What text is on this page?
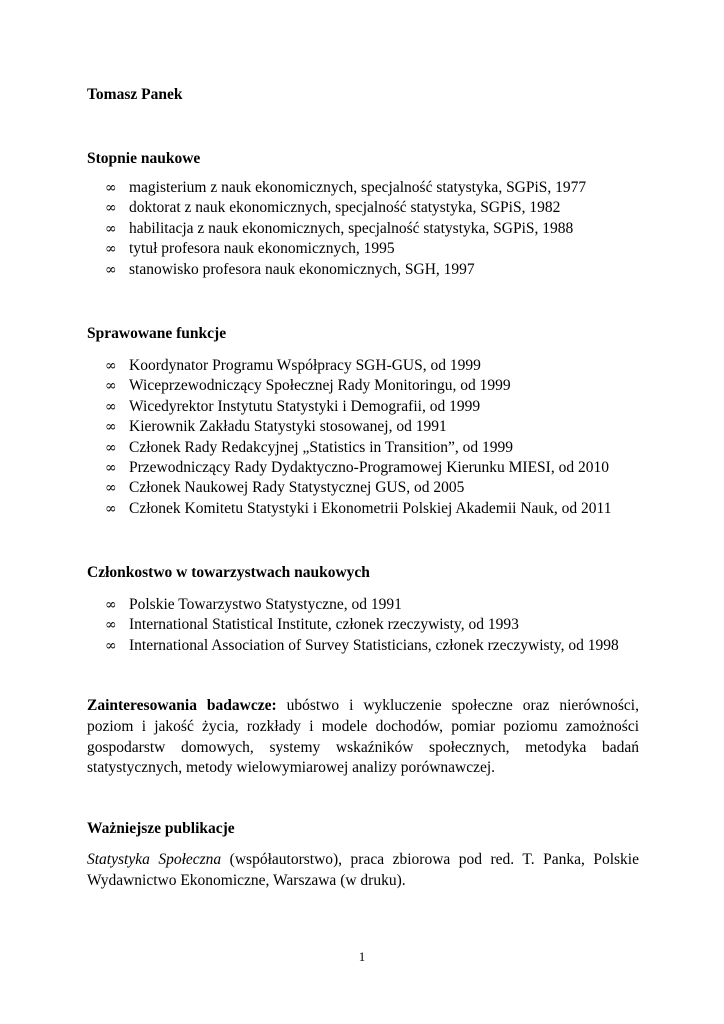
Tomasz Panek
Stopnie naukowe
∞ magisterium z nauk ekonomicznych, specjalność statystyka, SGPiS, 1977
∞ doktorat z nauk ekonomicznych, specjalność statystyka, SGPiS, 1982
∞ habilitacja z nauk ekonomicznych, specjalność statystyka, SGPiS, 1988
∞ tytuł profesora nauk ekonomicznych, 1995
∞ stanowisko profesora nauk ekonomicznych, SGH, 1997
Sprawowane funkcje
∞ Koordynator Programu Współpracy SGH-GUS, od 1999
∞ Wiceprzewodniczący Społecznej Rady Monitoringu, od 1999
∞ Wicedyrektor Instytutu Statystyki i Demografii, od 1999
∞ Kierownik Zakładu Statystyki stosowanej, od 1991
∞ Członek Rady Redakcyjnej „Statistics in Transition”, od 1999
∞ Przewodniczący Rady Dydaktyczno-Programowej Kierunku MIESI, od 2010
∞ Członek Naukowej Rady Statystycznej GUS, od 2005
∞ Członek Komitetu Statystyki i Ekonometrii Polskiej Akademii Nauk, od 2011
Członkostwo w towarzystwach naukowych
∞ Polskie Towarzystwo Statystyczne, od 1991
∞ International Statistical Institute, członek rzeczywisty, od 1993
∞ International Association of Survey Statisticians, członek rzeczywisty, od 1998

Zainteresowania badawcze: ubóstwo i wykluczenie społeczne oraz nierówności, poziom i jakość życia, rozkłady i modele dochodów, pomiar poziomu zamożności gospodarstw domowych, systemy wskaźników społecznych, metodyka badań statystycznych, metody wielowymiarowej analizy porównawczej.

Ważniejsze publikacje

Statystyka Społeczna (współautorstwo), praca zbiorowa pod red. T. Panka, Polskie Wydawnictwo Ekonomiczne, Warszawa (w druku).

1
